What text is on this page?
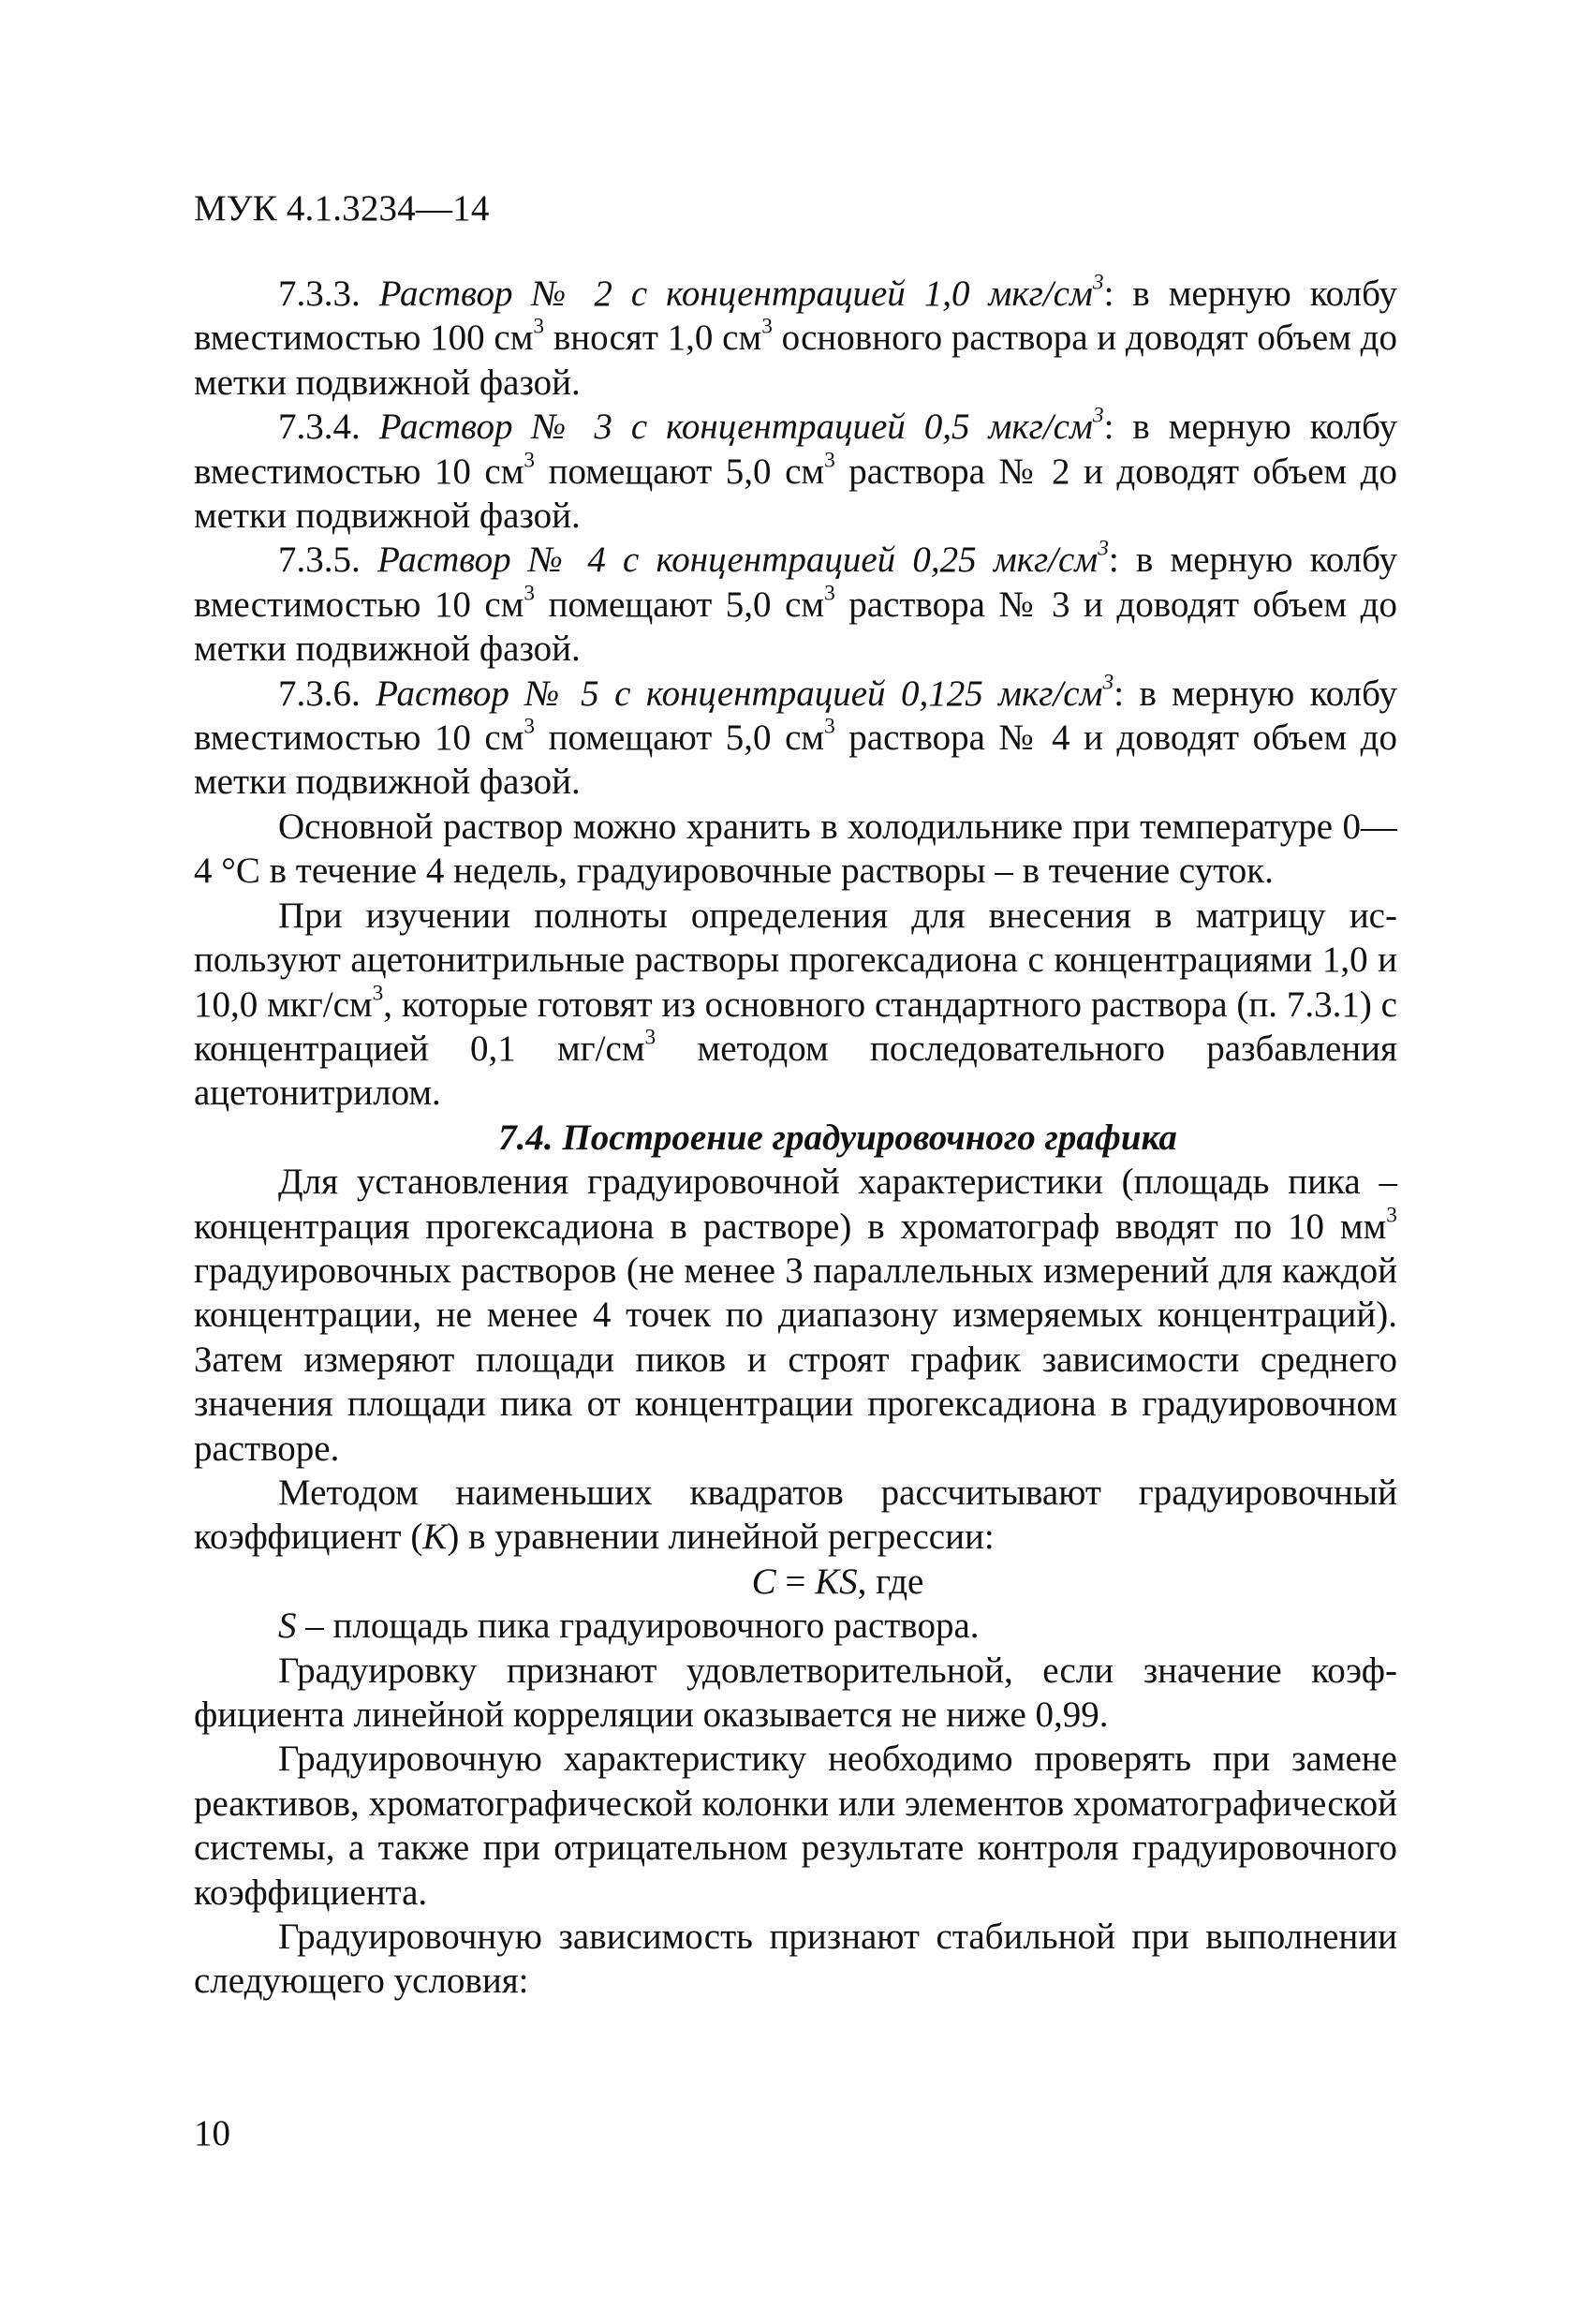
МУК 4.1.3234—14

7.3.3. Раствор № 2 с концентрацией 1,0 мкг/$см^3$: в мерную колбу вместимостью 100 $см^3$ вносят 1,0 $см^3$ основного раствора и доводят объем до метки подвижной фазой.

7.3.4. Раствор № 3 с концентрацией 0,5 мкг/$см^3$: в мерную колбу вместимостью 10 $см^3$ помещают 5,0 $см^3$ раствора № 2 и доводят объем до метки подвижной фазой.

7.3.5. Раствор № 4 с концентрацией 0,25 мкг/$см^3$: в мерную колбу вместимостью 10 $см^3$ помещают 5,0 $см^3$ раствора № 3 и доводят объем до метки подвижной фазой.

7.3.6. Раствор № 5 с концентрацией 0,125 мкг/$см^3$: в мерную колбу вместимостью 10 $см^3$ помещают 5,0 $см^3$ раствора № 4 и доводят объем до метки подвижной фазой.

Основной раствор можно хранить в холодильнике при температуре 0—4 °С в течение 4 недель, градуировочные растворы – в течение суток.

При изучении полноты определения для внесения в матрицу используют ацетонитрильные растворы прогексадиона с концентрациями 1,0 и 10,0 мкг/$см^3$, которые готовят из основного стандартного раствора (п. 7.3.1) с концентрацией 0,1 $мг/см^3$ методом последовательного разбавления ацетонитрилом.

7.4. Построение градуировочного графика

Для установления градуировочной характеристики (площадь пика – концентрация прогексадиона в растворе) в хроматограф вводят по 10 $мм^3$ градуировочных растворов (не менее 3 параллельных измерений для каждой концентрации, не менее 4 точек по диапазону измеряемых концентраций). Затем измеряют площади пиков и строят график зависимости среднего значения площади пика от концентрации прогексадиона в градуировочном растворе.

Методом наименьших квадратов рассчитывают градуировочный коэффициент (K) в уравнении линейной регрессии:

C = KS, где

S – площадь пика градуировочного раствора.

Градуировку признают удовлетворительной, если значение коэффициента линейной корреляции оказывается не ниже 0,99.

Градуировочную характеристику необходимо проверять при замене реактивов, хроматографической колонки или элементов хроматографической системы, а также при отрицательном результате контроля градуировочного коэффициента.

Градуировочную зависимость признают стабильной при выполнении следующего условия:

10
